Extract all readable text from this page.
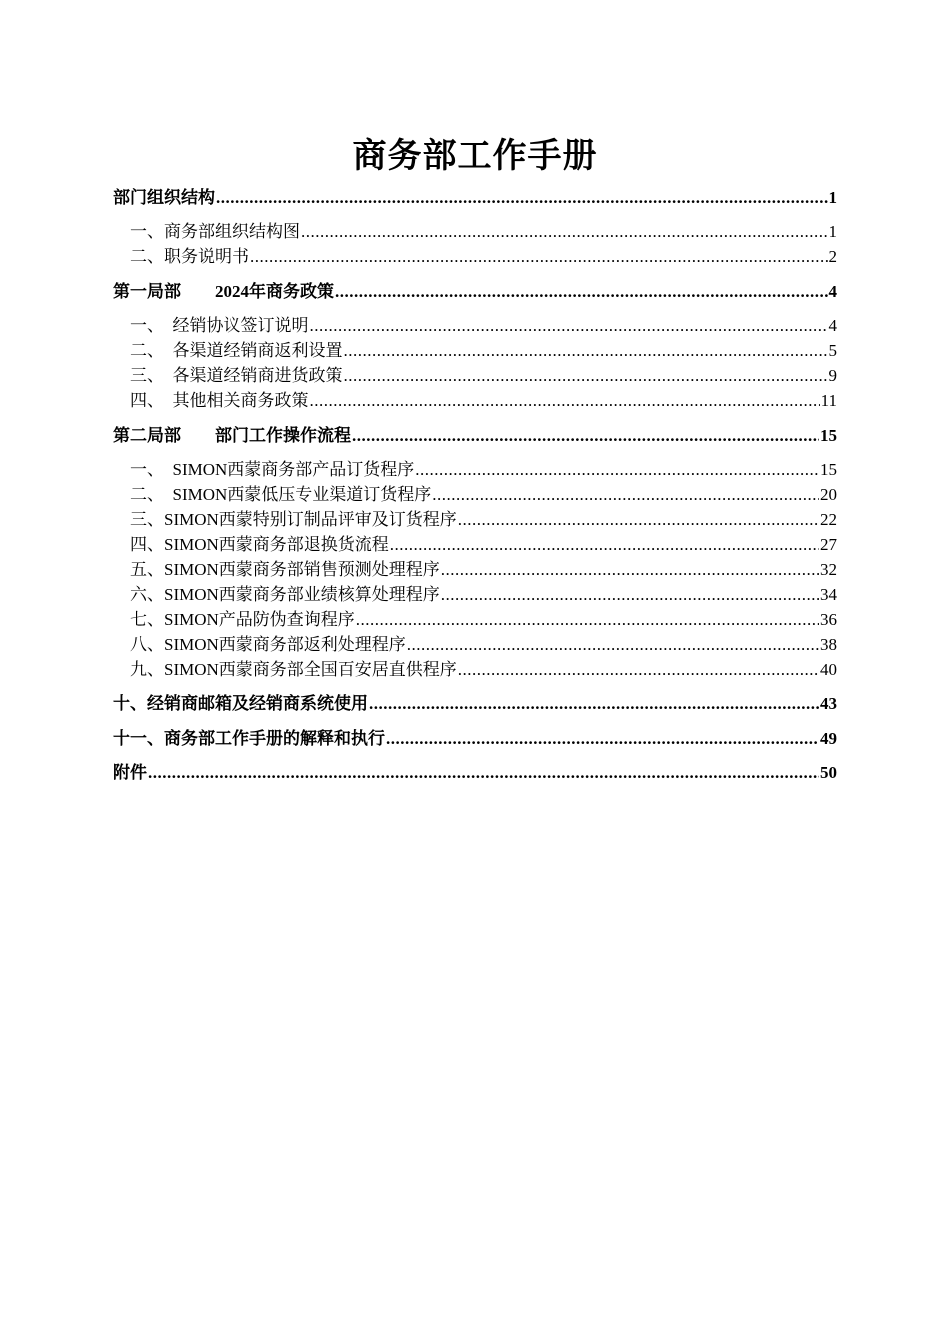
商务部工作手册
部门组织结构 .....	1
一、商务部组织结构图 .....	1
二、职务说明书 .....	2
第一局部　　2024年商务政策 .....	4
一、　经销协议签订说明 .....	4
二、　各渠道经销商返利设置 .....	5
三、　各渠道经销商进货政策 .....	9
四、　其他相关商务政策 .....	11
第二局部　　部门工作操作流程 .....	15
一、　SIMON西蒙商务部产品订货程序 .....	15
二、　SIMON西蒙低压专业渠道订货程序 .....	20
三、SIMON西蒙特别订制品评审及订货程序 .....	22
四、SIMON西蒙商务部退换货流程 .....	27
五、SIMON西蒙商务部销售预测处理程序 .....	32
六、SIMON西蒙商务部业绩核算处理程序 .....	34
七、SIMON产品防伪查询程序 .....	36
八、SIMON西蒙商务部返利处理程序 .....	38
九、SIMON西蒙商务部全国百安居直供程序 .....	40
十、经销商邮箱及经销商系统使用 .....	43
十一、商务部工作手册的解释和执行 .....	49
附件 .....	50
